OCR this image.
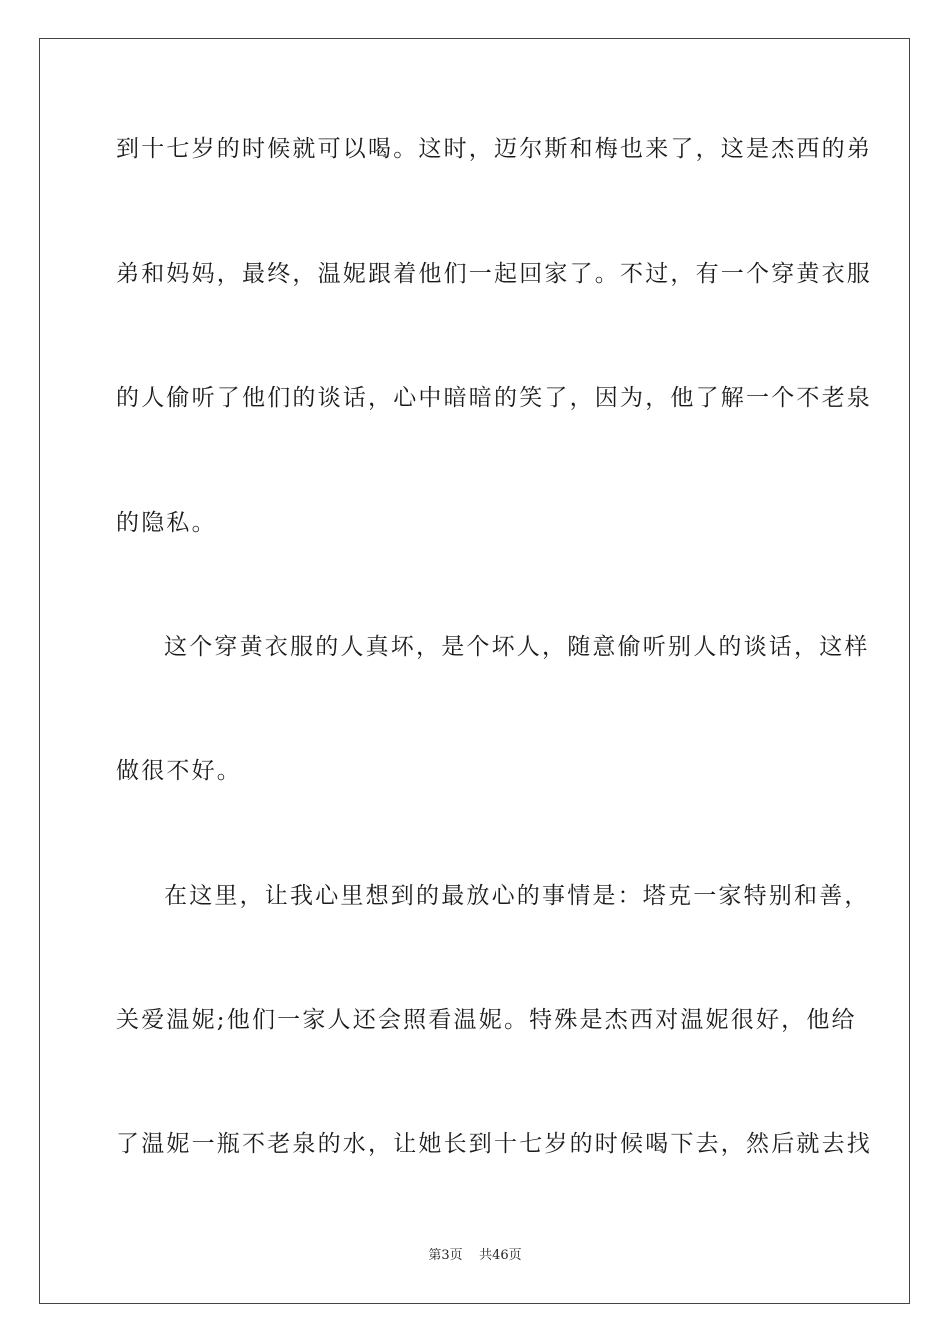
到十七岁的时候就可以喝。这时，迈尔斯和梅也来了，这是杰西的弟
弟和妈妈，最终，温妮跟着他们一起回家了。不过，有一个穿黄衣服
的人偷听了他们的谈话，心中暗暗的笑了，因为，他了解一个不老泉
的隐私。
这个穿黄衣服的人真坏，是个坏人，随意偷听别人的谈话，这样
做很不好。
在这里，让我心里想到的最放心的事情是：塔克一家特别和善，
关爱温妮;他们一家人还会照看温妮。特殊是杰西对温妮很好，他给
了温妮一瓶不老泉的水，让她长到十七岁的时候喝下去，然后就去找
第3页    共46页
